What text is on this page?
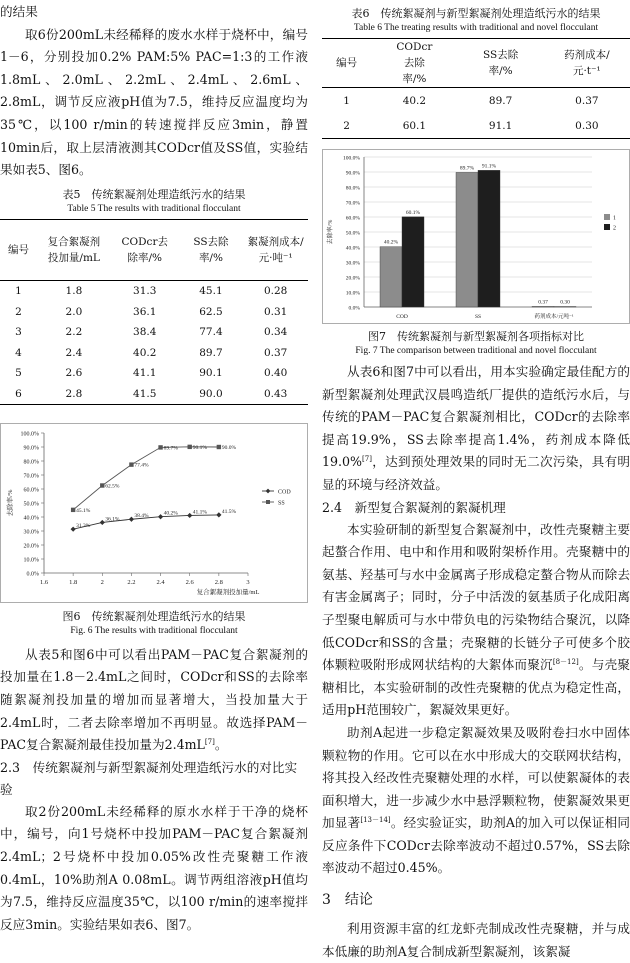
的结果

取6份200mL未经稀释的废水水样于烧杯中，编号1－6，分别投加0.2% PAM:5% PAC=1:3的工作液1.8mL、2.0mL、2.2mL、2.4mL、2.6mL、2.8mL，调节反应液pH值为7.5，维持反应温度均为35℃，以100 r/min的转速搅拌反应3min，静置10min后，取上层清液测其CODcr值及SS值，实验结果如表5、图6。

表5　传统絮凝剂处理造纸污水的结果

Table 5 The results with traditional flocculant

编号	复合絮凝剂投加量/mL	CODcr去除率/%	SS去除率/%	絮凝剂成本/元·吨⁻¹
1	1.8	31.3	45.1	0.28
2	2.0	36.1	62.5	0.31
3	2.2	38.4	77.4	0.34
4	2.4	40.2	89.7	0.37
5	2.6	41.1	90.1	0.40
6	2.8	41.5	90.0	0.43
0.0%
10.0%
20.0%
30.0%
40.0%
50.0%
60.0%
70.0%
80.0%
90.0%
100.0%
1.6	1.8	2	2.2	2.4	2.6	2.8	3
去除率/%
复合絮凝剂投加量/mL
31.3%
36.1%
38.4%	40.2%	41.1%	41.5%
COD
45.1%
62.5%
77.4%
89.7%	90.1%	90.0%
SS

图6　传统絮凝剂处理造纸污水的结果

Fig. 6 The results with traditional flocculant

从表5和图6中可以看出PAM－PAC复合絮凝剂的投加量在1.8－2.4mL之间时，CODcr和SS的去除率随絮凝剂投加量的增加而显著增大，当投加量大于2.4mL时，二者去除率增加不再明显。故选择PAM－PAC复合絮凝剂最佳投加量为2.4mL[7]。

2.3　传统絮凝剂与新型絮凝剂处理造纸污水的对比实验

取2份200mL未经稀释的原水水样于干净的烧杯中，编号，向1号烧杯中投加PAM－PAC复合絮凝剂2.4mL；2号烧杯中投加0.05%改性壳聚糖工作液0.4mL，10%助剂A 0.08mL。调节两组溶液pH值均为7.5，维持反应温度35℃，以100 r/min的速率搅拌反应3min。实验结果如表6、图7。

表6　传统絮凝剂与新型絮凝剂处理造纸污水的结果

Table 6 The treating results with traditional and novel flocculant

编号	CODcr去除率/%	SS去除率/%	药剂成本/元·t⁻¹
1	40.2	89.7	0.37
2	60.1	91.1	0.30
0.0%
10.0%
20.0%
30.0%
40.0%
50.0%
60.0%
70.0%
80.0%
90.0%
100.0%
去除率/%
COD
40.2%
60.1%
SS
89.7% 91.1%
药剂成本/元吨⁻¹
0.37 0.30
1
2

图7　传统絮凝剂与新型絮凝剂各项指标对比

Fig. 7 The comparison between traditional and novel flocculant

从表6和图7中可以看出，用本实验确定最佳配方的新型絮凝剂处理武汉晨鸣造纸厂提供的造纸污水后，与传统的PAM－PAC复合絮凝剂相比，CODcr的去除率提高19.9%，SS去除率提高1.4%，药剂成本降低19.0%[7]，达到预处理效果的同时无二次污染，具有明显的环境与经济效益。

2.4　新型复合絮凝剂的絮凝机理

本实验研制的新型复合絮凝剂中，改性壳聚糖主要起螯合作用、电中和作用和吸附架桥作用。壳聚糖中的氨基、羟基可与水中金属离子形成稳定螯合物从而除去有害金属离子；同时，分子中活泼的氨基质子化成阳离子型聚电解质可与水中带负电的污染物结合聚沉，以降低CODcr和SS的含量；壳聚糖的长链分子可使多个胶体颗粒吸附形成网状结构的大絮体而聚沉[8－12]。与壳聚糖相比，本实验研制的改性壳聚糖的优点为稳定性高，适用pH范围较广，絮凝效果更好。

助剂A起进一步稳定絮凝效果及吸附卷扫水中固体颗粒物的作用。它可以在水中形成大的交联网状结构，将其投入经改性壳聚糖处理的水样，可以使絮凝体的表面积增大，进一步减少水中悬浮颗粒物，使絮凝效果更加显著[13－14]。经实验证实，助剂A的加入可以保证相同反应条件下CODcr去除率波动不超过0.57%，SS去除率波动不超过0.45%。

3　结论

利用资源丰富的红龙虾壳制成改性壳聚糖，并与成本低廉的助剂A复合制成新型絮凝剂，该絮凝
